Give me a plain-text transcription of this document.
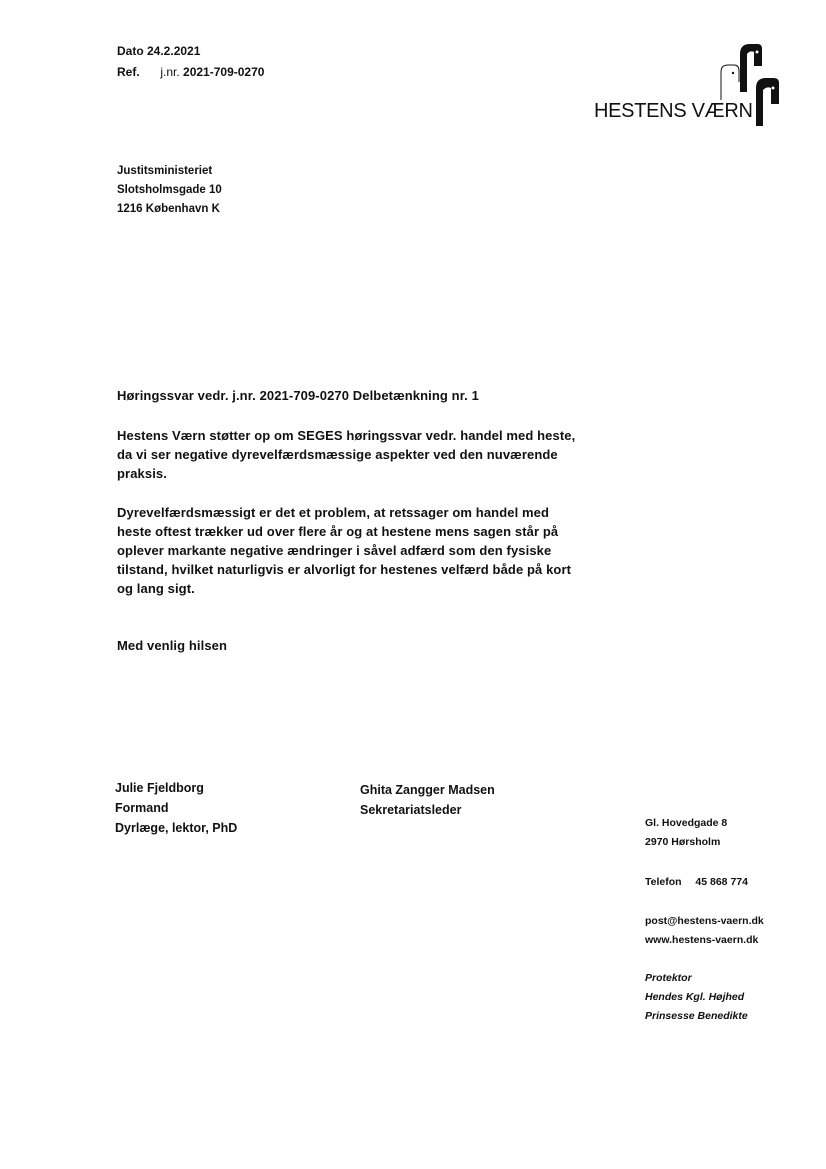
Dato 24.2.2021
Ref. j.nr. 2021-709-0270
HESTENS VÆRN
Justitsministeriet
Slotsholmsgade 10
1216 København K
Høringssvar vedr. j.nr. 2021-709-0270 Delbetænkning nr. 1
Hestens Værn støtter op om SEGES høringssvar vedr. handel med heste,
da vi ser negative dyrevelfærdsmæssige aspekter ved den nuværende
praksis.
Dyrevelfærdsmæssigt er det et problem, at retssager om handel med
heste oftest trækker ud over flere år og at hestene mens sagen står på
oplever markante negative ændringer i såvel adfærd som den fysiske
tilstand, hvilket naturligvis er alvorligt for hestenes velfærd både på kort
og lang sigt.
Med venlig hilsen
Julie Fjeldborg
Formand
Dyrlæge, lektor, PhD
Ghita Zangger Madsen
Sekretariatsleder
Gl. Hovedgade 8
2970 Hørsholm
Telefon 45 868 774
post@hestens-vaern.dk
www.hestens-vaern.dk
Protektor
Hendes Kgl. Højhed
Prinsesse Benedikte
